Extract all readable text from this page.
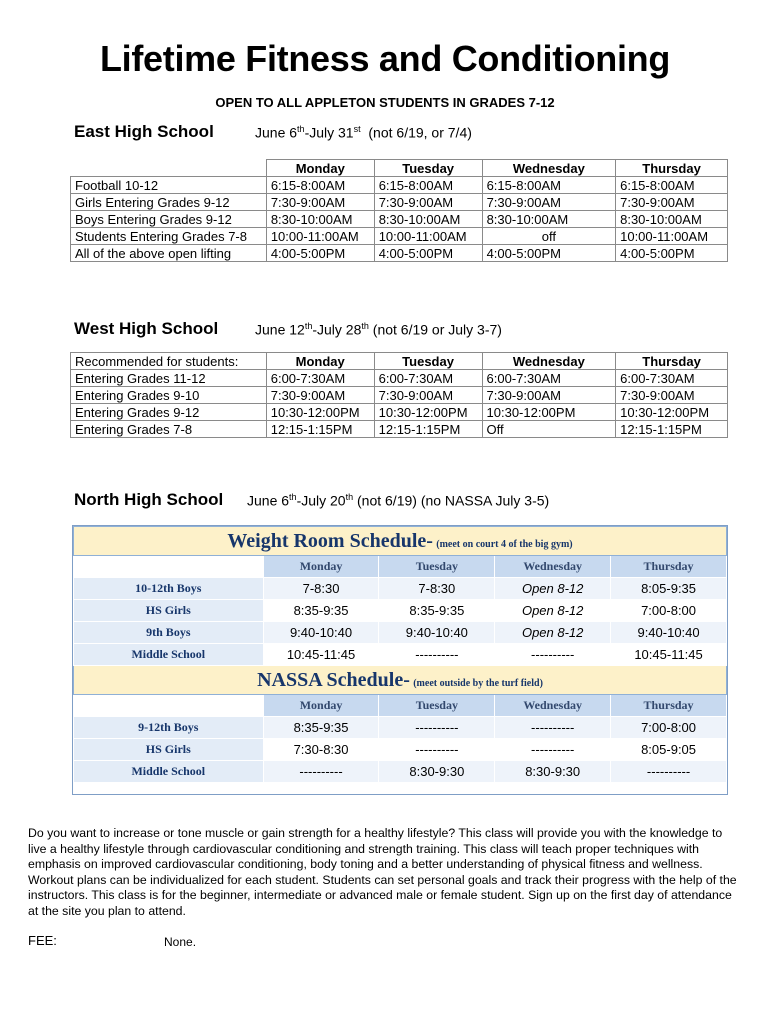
Lifetime Fitness and Conditioning
OPEN TO ALL APPLETON STUDENTS IN GRADES 7-12
East High School	June 6th-July 31st  (not 6/19, or 7/4)
	Monday	Tuesday	Wednesday	Thursday
Football 10-12	6:15-8:00AM	6:15-8:00AM	6:15-8:00AM	6:15-8:00AM
Girls Entering Grades 9-12	7:30-9:00AM	7:30-9:00AM	7:30-9:00AM	7:30-9:00AM
Boys Entering Grades 9-12	8:30-10:00AM	8:30-10:00AM	8:30-10:00AM	8:30-10:00AM
Students Entering Grades 7-8	10:00-11:00AM	10:00-11:00AM	off	10:00-11:00AM
All of the above open lifting	4:00-5:00PM	4:00-5:00PM	4:00-5:00PM	4:00-5:00PM
West High School	June 12th-July 28th (not 6/19 or July 3-7)
Recommended for students:	Monday	Tuesday	Wednesday	Thursday
Entering Grades 11-12	6:00-7:30AM	6:00-7:30AM	6:00-7:30AM	6:00-7:30AM
Entering Grades 9-10	7:30-9:00AM	7:30-9:00AM	7:30-9:00AM	7:30-9:00AM
Entering Grades 9-12	10:30-12:00PM	10:30-12:00PM	10:30-12:00PM	10:30-12:00PM
Entering Grades 7-8	12:15-1:15PM	12:15-1:15PM	Off	12:15-1:15PM
North High School June 6th-July 20th (not 6/19) (no NASSA July 3-5)
Weight Room Schedule- (meet on court 4 of the big gym)				
	Monday	Tuesday	Wednesday	Thursday
10-12th Boys	7-8:30	7-8:30	Open 8-12	8:05-9:35
HS Girls	8:35-9:35	8:35-9:35	Open 8-12	7:00-8:00
9th Boys	9:40-10:40	9:40-10:40	Open 8-12	9:40-10:40
Middle School	10:45-11:45	----------	----------	10:45-11:45
NASSA Schedule- (meet outside by the turf field)				
	Monday	Tuesday	Wednesday	Thursday
9-12th Boys	8:35-9:35	----------	----------	7:00-8:00
HS Girls	7:30-8:30	----------	----------	8:05-9:05
Middle School	----------	8:30-9:30	8:30-9:30	----------
Do you want to increase or tone muscle or gain strength for a healthy lifestyle? This class will provide you with the knowledge to live a healthy lifestyle through cardiovascular conditioning and strength training. This class will teach proper techniques with emphasis on improved cardiovascular conditioning, body toning and a better understanding of physical fitness and wellness. Workout plans can be individualized for each student. Students can set personal goals and track their progress with the help of the instructors. This class is for the beginner, intermediate or advanced male or female student. Sign up on the first day of attendance at the site you plan to attend.
FEE:	None.
